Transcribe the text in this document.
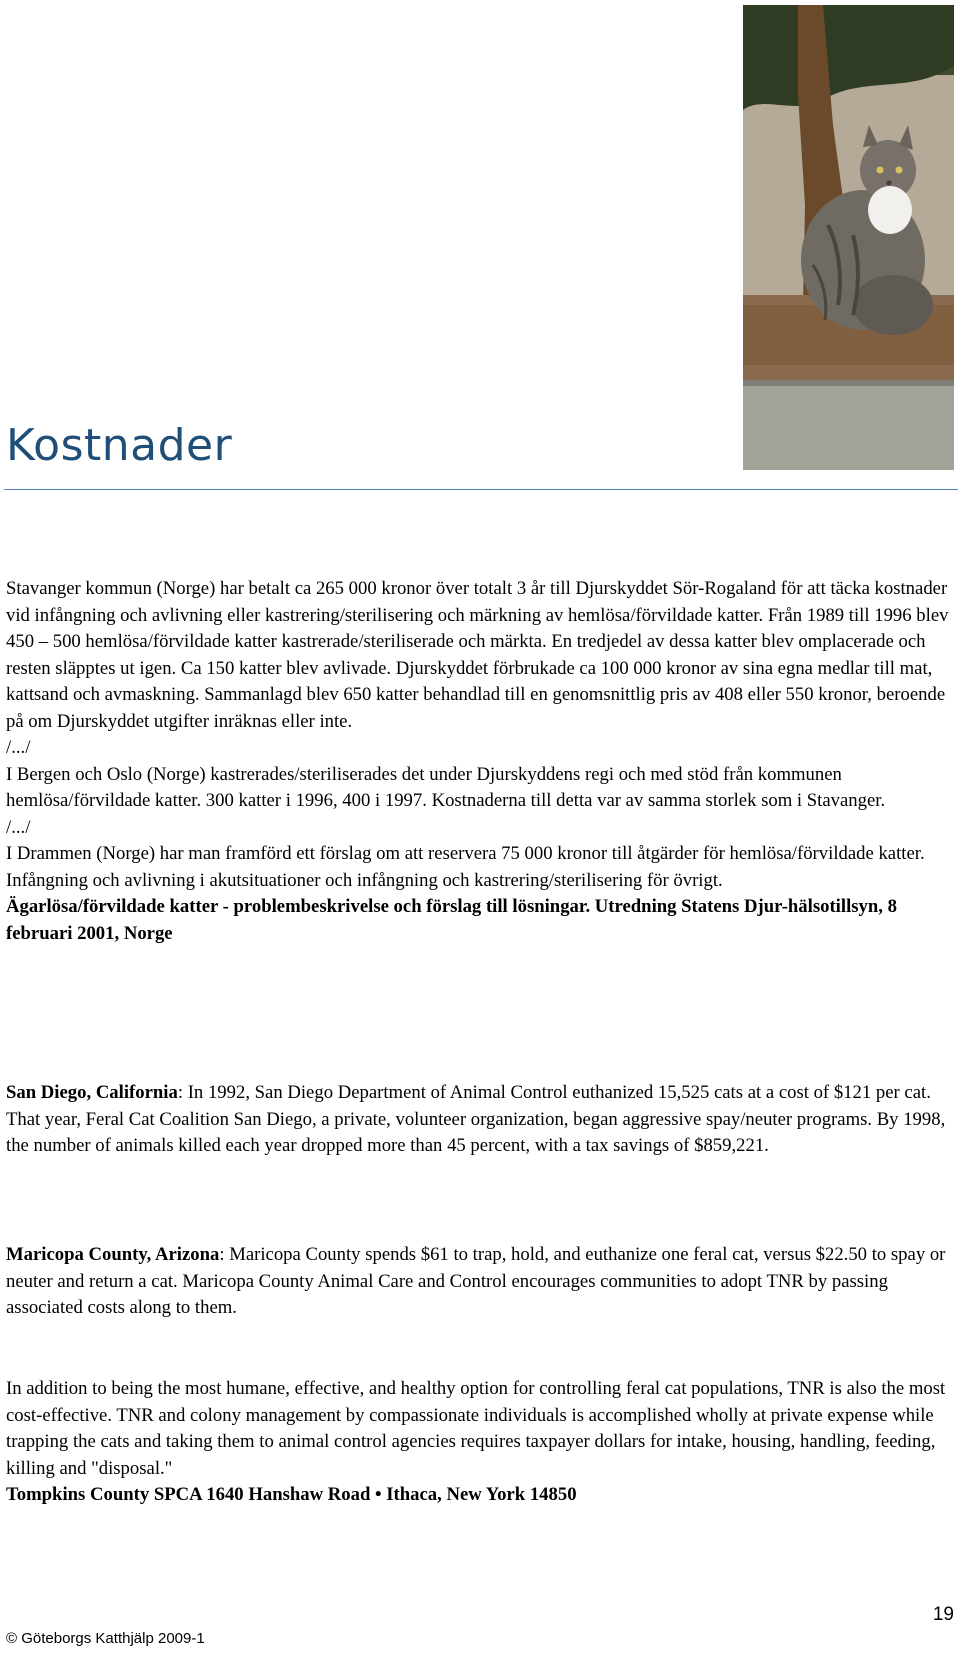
Kostnader

Stavanger kommun (Norge) har betalt ca 265 000 kronor över totalt 3 år till Djurskyddet Sör-Rogaland för att täcka kostnader vid infångning och avlivning eller kastrering/sterilisering och märkning av hemlösa/förvildade katter. Från 1989 till 1996 blev 450 – 500 hemlösa/förvildade katter kastrerade/steriliserade och märkta. En tredjedel av dessa katter blev omplacerade och resten släpptes ut igen. Ca 150 katter blev avlivade. Djurskyddet förbrukade ca 100 000 kronor av sina egna medlar till mat, kattsand och avmaskning. Sammanlagd blev 650 katter behandlad till en genomsnittlig pris av 408 eller 550 kronor, beroende på om Djurskyddet utgifter inräknas eller inte.

/.../

I Bergen och Oslo (Norge) kastrerades/steriliserades det under Djurskyddens regi och med stöd från kommunen hemlösa/förvildade katter. 300 katter i 1996, 400 i 1997. Kostnaderna till detta var av samma storlek som i Stavanger.

/.../

I Drammen (Norge) har man framförd ett förslag om att reservera 75 000 kronor till åtgärder för hemlösa/förvildade katter. Infångning och avlivning i akutsituationer och infångning och kastrering/sterilisering för övrigt.

Ägarlösa/förvildade katter - problembeskrivelse och förslag till lösningar. Utredning Statens Djur-hälsotillsyn, 8 februari 2001, Norge

San Diego, California: In 1992, San Diego Department of Animal Control euthanized 15,525 cats at a cost of $121 per cat. That year, Feral Cat Coalition San Diego, a private, volunteer organization, began aggressive spay/neuter programs. By 1998, the number of animals killed each year dropped more than 45 percent, with a tax savings of $859,221.

Maricopa County, Arizona: Maricopa County spends $61 to trap, hold, and euthanize one feral cat, versus $22.50 to spay or neuter and return a cat. Maricopa County Animal Care and Control encourages communities to adopt TNR by passing associated costs along to them.

In addition to being the most humane, effective, and healthy option for controlling feral cat populations, TNR is also the most cost-effective. TNR and colony management by compassionate individuals is accomplished wholly at private expense while trapping the cats and taking them to animal control agencies requires taxpayer dollars for intake, housing, handling, feeding, killing and "disposal."

Tompkins County SPCA 1640 Hanshaw Road • Ithaca, New York 14850

© Göteborgs Katthjälp 2009-1
19
